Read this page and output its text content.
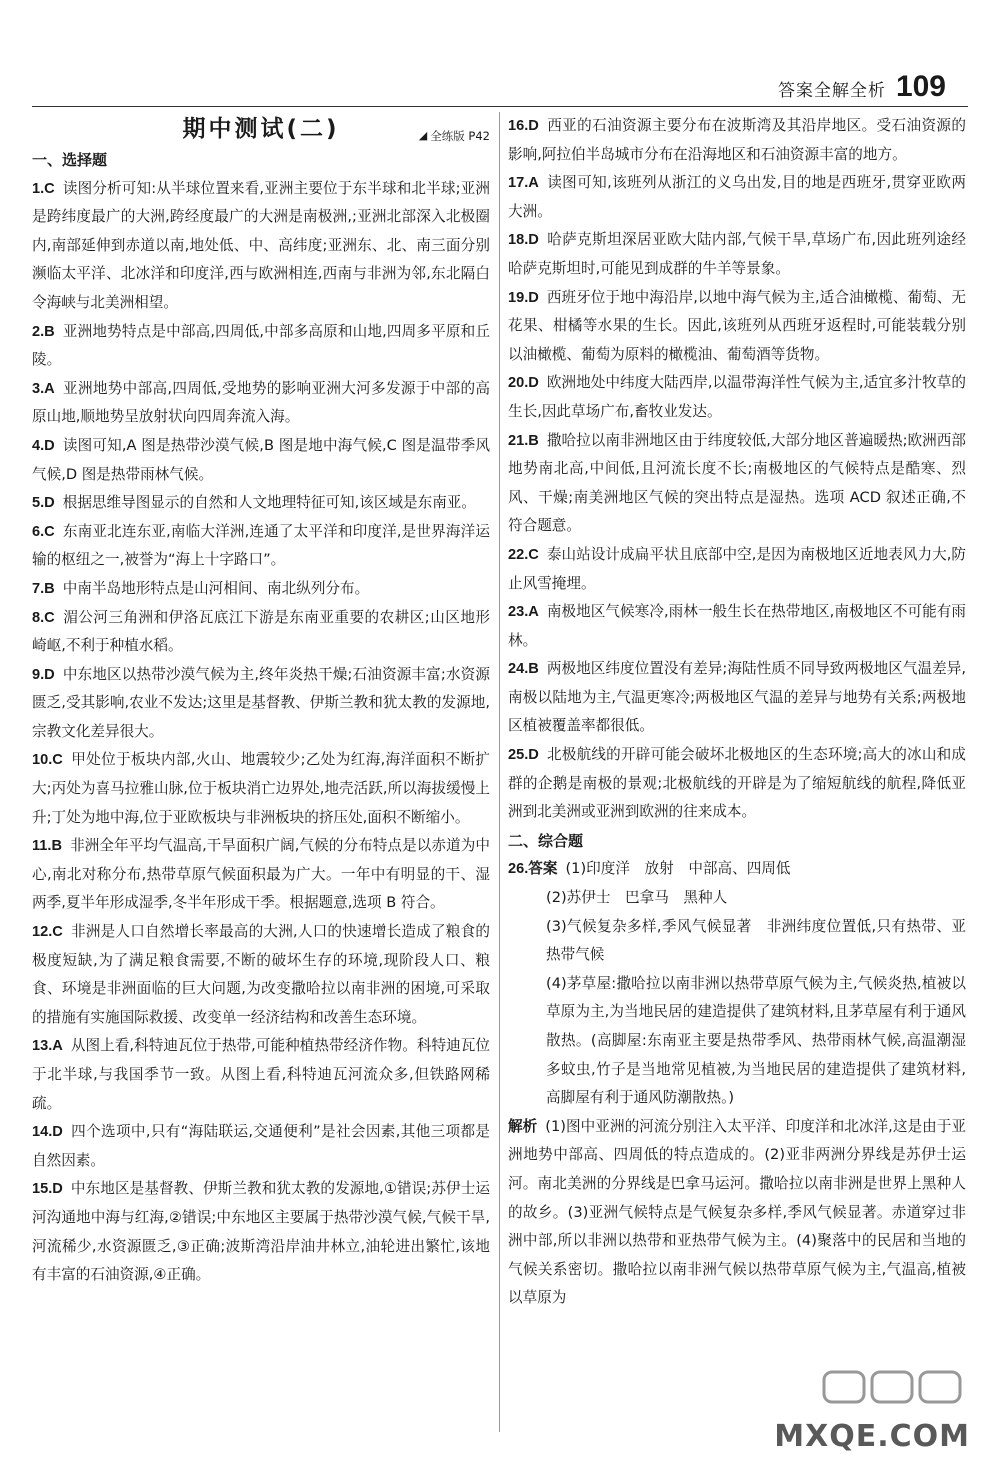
答案全解全析 109
期中测试(二)	◢ 全练版 P42
一、选择题
1.C 读图分析可知:从半球位置来看,亚洲主要位于东半球和北半球;亚洲是跨纬度最广的大洲,跨经度最广的大洲是南极洲,;亚洲北部深入北极圈内,南部延伸到赤道以南,地处低、中、高纬度;亚洲东、北、南三面分别濒临太平洋、北冰洋和印度洋,西与欧洲相连,西南与非洲为邻,东北隔白令海峡与北美洲相望。
2.B 亚洲地势特点是中部高,四周低,中部多高原和山地,四周多平原和丘陵。
3.A 亚洲地势中部高,四周低,受地势的影响亚洲大河多发源于中部的高原山地,顺地势呈放射状向四周奔流入海。
4.D 读图可知,A 图是热带沙漠气候,B 图是地中海气候,C 图是温带季风气候,D 图是热带雨林气候。
5.D 根据思维导图显示的自然和人文地理特征可知,该区域是东南亚。
6.C 东南亚北连东亚,南临大洋洲,连通了太平洋和印度洋,是世界海洋运输的枢纽之一,被誉为“海上十字路口”。
7.B 中南半岛地形特点是山河相间、南北纵列分布。
8.C 湄公河三角洲和伊洛瓦底江下游是东南亚重要的农耕区;山区地形崎岖,不利于种植水稻。
9.D 中东地区以热带沙漠气候为主,终年炎热干燥;石油资源丰富;水资源匮乏,受其影响,农业不发达;这里是基督教、伊斯兰教和犹太教的发源地,宗教文化差异很大。
10.C 甲处位于板块内部,火山、地震较少;乙处为红海,海洋面积不断扩大;丙处为喜马拉雅山脉,位于板块消亡边界处,地壳活跃,所以海拔缓慢上升;丁处为地中海,位于亚欧板块与非洲板块的挤压处,面积不断缩小。
11.B 非洲全年平均气温高,干旱面积广阔,气候的分布特点是以赤道为中心,南北对称分布,热带草原气候面积最为广大。一年中有明显的干、湿两季,夏半年形成湿季,冬半年形成干季。根据题意,选项 B 符合。
12.C 非洲是人口自然增长率最高的大洲,人口的快速增长造成了粮食的极度短缺,为了满足粮食需要,不断的破坏生存的环境,现阶段人口、粮食、环境是非洲面临的巨大问题,为改变撒哈拉以南非洲的困境,可采取的措施有实施国际救援、改变单一经济结构和改善生态环境。
13.A 从图上看,科特迪瓦位于热带,可能种植热带经济作物。科特迪瓦位于北半球,与我国季节一致。从图上看,科特迪瓦河流众多,但铁路网稀疏。
14.D 四个选项中,只有“海陆联运,交通便利”是社会因素,其他三项都是自然因素。
15.D 中东地区是基督教、伊斯兰教和犹太教的发源地,①错误;苏伊士运河沟通地中海与红海,②错误;中东地区主要属于热带沙漠气候,气候干旱,河流稀少,水资源匮乏,③正确;波斯湾沿岸油井林立,油轮进出繁忙,该地有丰富的石油资源,④正确。
16.D 西亚的石油资源主要分布在波斯湾及其沿岸地区。受石油资源的影响,阿拉伯半岛城市分布在沿海地区和石油资源丰富的地方。
17.A 读图可知,该班列从浙江的义乌出发,目的地是西班牙,贯穿亚欧两大洲。
18.D 哈萨克斯坦深居亚欧大陆内部,气候干旱,草场广布,因此班列途经哈萨克斯坦时,可能见到成群的牛羊等景象。
19.D 西班牙位于地中海沿岸,以地中海气候为主,适合油橄榄、葡萄、无花果、柑橘等水果的生长。因此,该班列从西班牙返程时,可能装载分别以油橄榄、葡萄为原料的橄榄油、葡萄酒等货物。
20.D 欧洲地处中纬度大陆西岸,以温带海洋性气候为主,适宜多汁牧草的生长,因此草场广布,畜牧业发达。
21.B 撒哈拉以南非洲地区由于纬度较低,大部分地区普遍暖热;欧洲西部地势南北高,中间低,且河流长度不长;南极地区的气候特点是酷寒、烈风、干燥;南美洲地区气候的突出特点是湿热。选项 ACD 叙述正确,不符合题意。
22.C 泰山站设计成扁平状且底部中空,是因为南极地区近地表风力大,防止风雪掩埋。
23.A 南极地区气候寒冷,雨林一般生长在热带地区,南极地区不可能有雨林。
24.B 两极地区纬度位置没有差异;海陆性质不同导致两极地区气温差异,南极以陆地为主,气温更寒冷;两极地区气温的差异与地势有关系;两极地区植被覆盖率都很低。
25.D 北极航线的开辟可能会破坏北极地区的生态环境;高大的冰山和成群的企鹅是南极的景观;北极航线的开辟是为了缩短航线的航程,降低亚洲到北美洲或亚洲到欧洲的往来成本。
二、综合题
26.答案 (1)印度洋　放射　中部高、四周低
(2)苏伊士　巴拿马　黑种人
(3)气候复杂多样,季风气候显著　非洲纬度位置低,只有热带、亚热带气候
(4)茅草屋:撒哈拉以南非洲以热带草原气候为主,气候炎热,植被以草原为主,为当地民居的建造提供了建筑材料,且茅草屋有利于通风散热。(高脚屋:东南亚主要是热带季风、热带雨林气候,高温潮湿多蚊虫,竹子是当地常见植被,为当地民居的建造提供了建筑材料,高脚屋有利于通风防潮散热。)
解析 (1)图中亚洲的河流分别注入太平洋、印度洋和北冰洋,这是由于亚洲地势中部高、四周低的特点造成的。(2)亚非两洲分界线是苏伊士运河。南北美洲的分界线是巴拿马运河。撒哈拉以南非洲是世界上黑种人的故乡。(3)亚洲气候特点是气候复杂多样,季风气候显著。赤道穿过非洲中部,所以非洲以热带和亚热带气候为主。(4)聚落中的民居和当地的气候关系密切。撒哈拉以南非洲气候以热带草原气候为主,气温高,植被以草原为
MXQE.COM
